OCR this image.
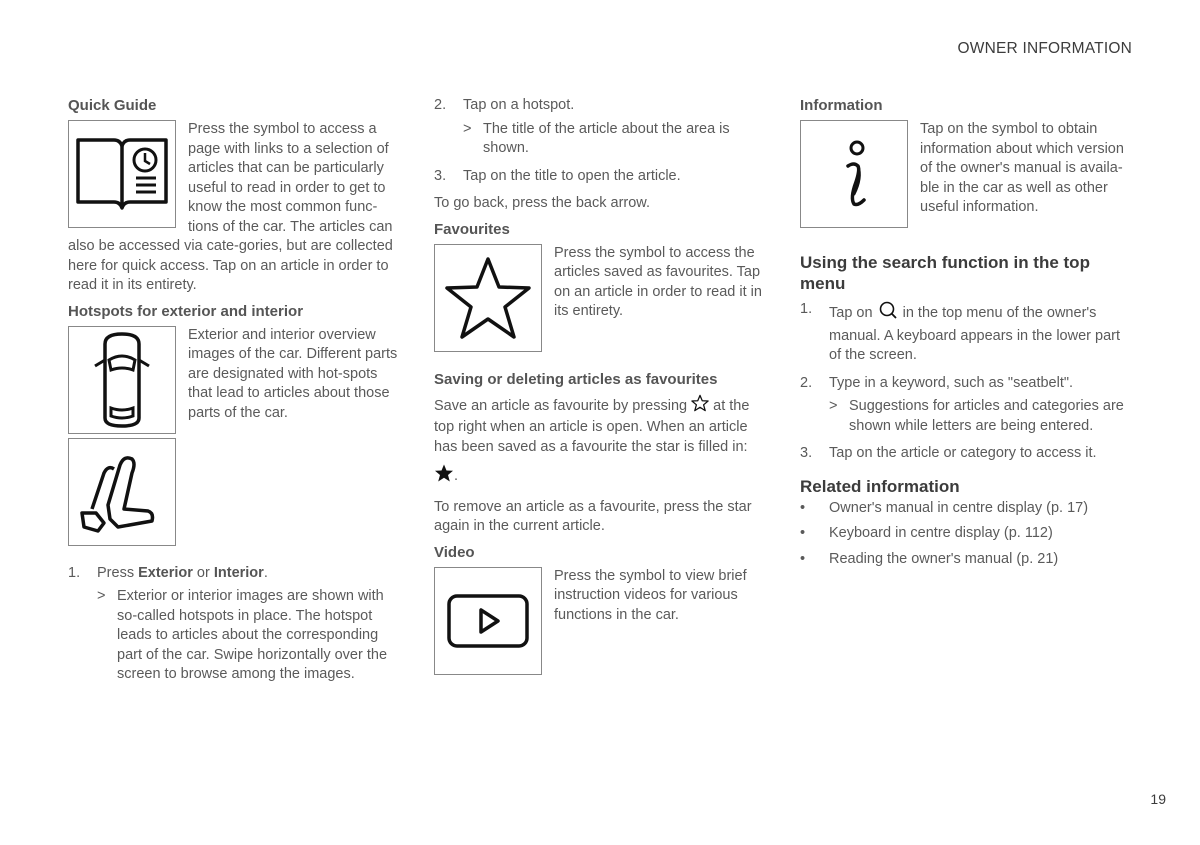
OWNER INFORMATION
Quick Guide

Press the symbol to access a page with links to a selection of articles that can be particularly useful to read in order to get to know the most common func-tions of the car. The articles can also be accessed via cate-gories, but are collected here for quick access. Tap on an article in order to read it in its entirety.

Hotspots for exterior and interior

Exterior and interior overview images of the car. Different parts are designated with hot-spots that lead to articles about those parts of the car.

1.	Press Exterior or Interior.
> Exterior or interior images are shown with so-called hotspots in place. The hotspot leads to articles about the corresponding part of the car. Swipe horizontally over the screen to browse among the images.
2.	Tap on a hotspot.
> The title of the article about the area is shown.
3.	Tap on the title to open the article.

To go back, press the back arrow.

Favourites

Press the symbol to access the articles saved as favourites. Tap on an article in order to read it in its entirety.

Saving or deleting articles as favourites

Save an article as favourite by pressing  at the top right when an article is open. When an article has been saved as a favourite the star is filled in:

.

To remove an article as a favourite, press the star again in the current article.

Video

Press the symbol to view brief instruction videos for various functions in the car.

Information

Tap on the symbol to obtain information about which version of the owner's manual is availa-ble in the car as well as other useful information.

Using the search function in the top menu
1.	Tap on  in the top menu of the owner's manual. A keyboard appears in the lower part of the screen.
2.	Type in a keyword, such as "seatbelt".
> Suggestions for articles and categories are shown while letters are being entered.
3.	Tap on the article or category to access it.
Related information
•	Owner's manual in centre display (p. 17)
•	Keyboard in centre display (p. 112)
•	Reading the owner's manual (p. 21)
19
